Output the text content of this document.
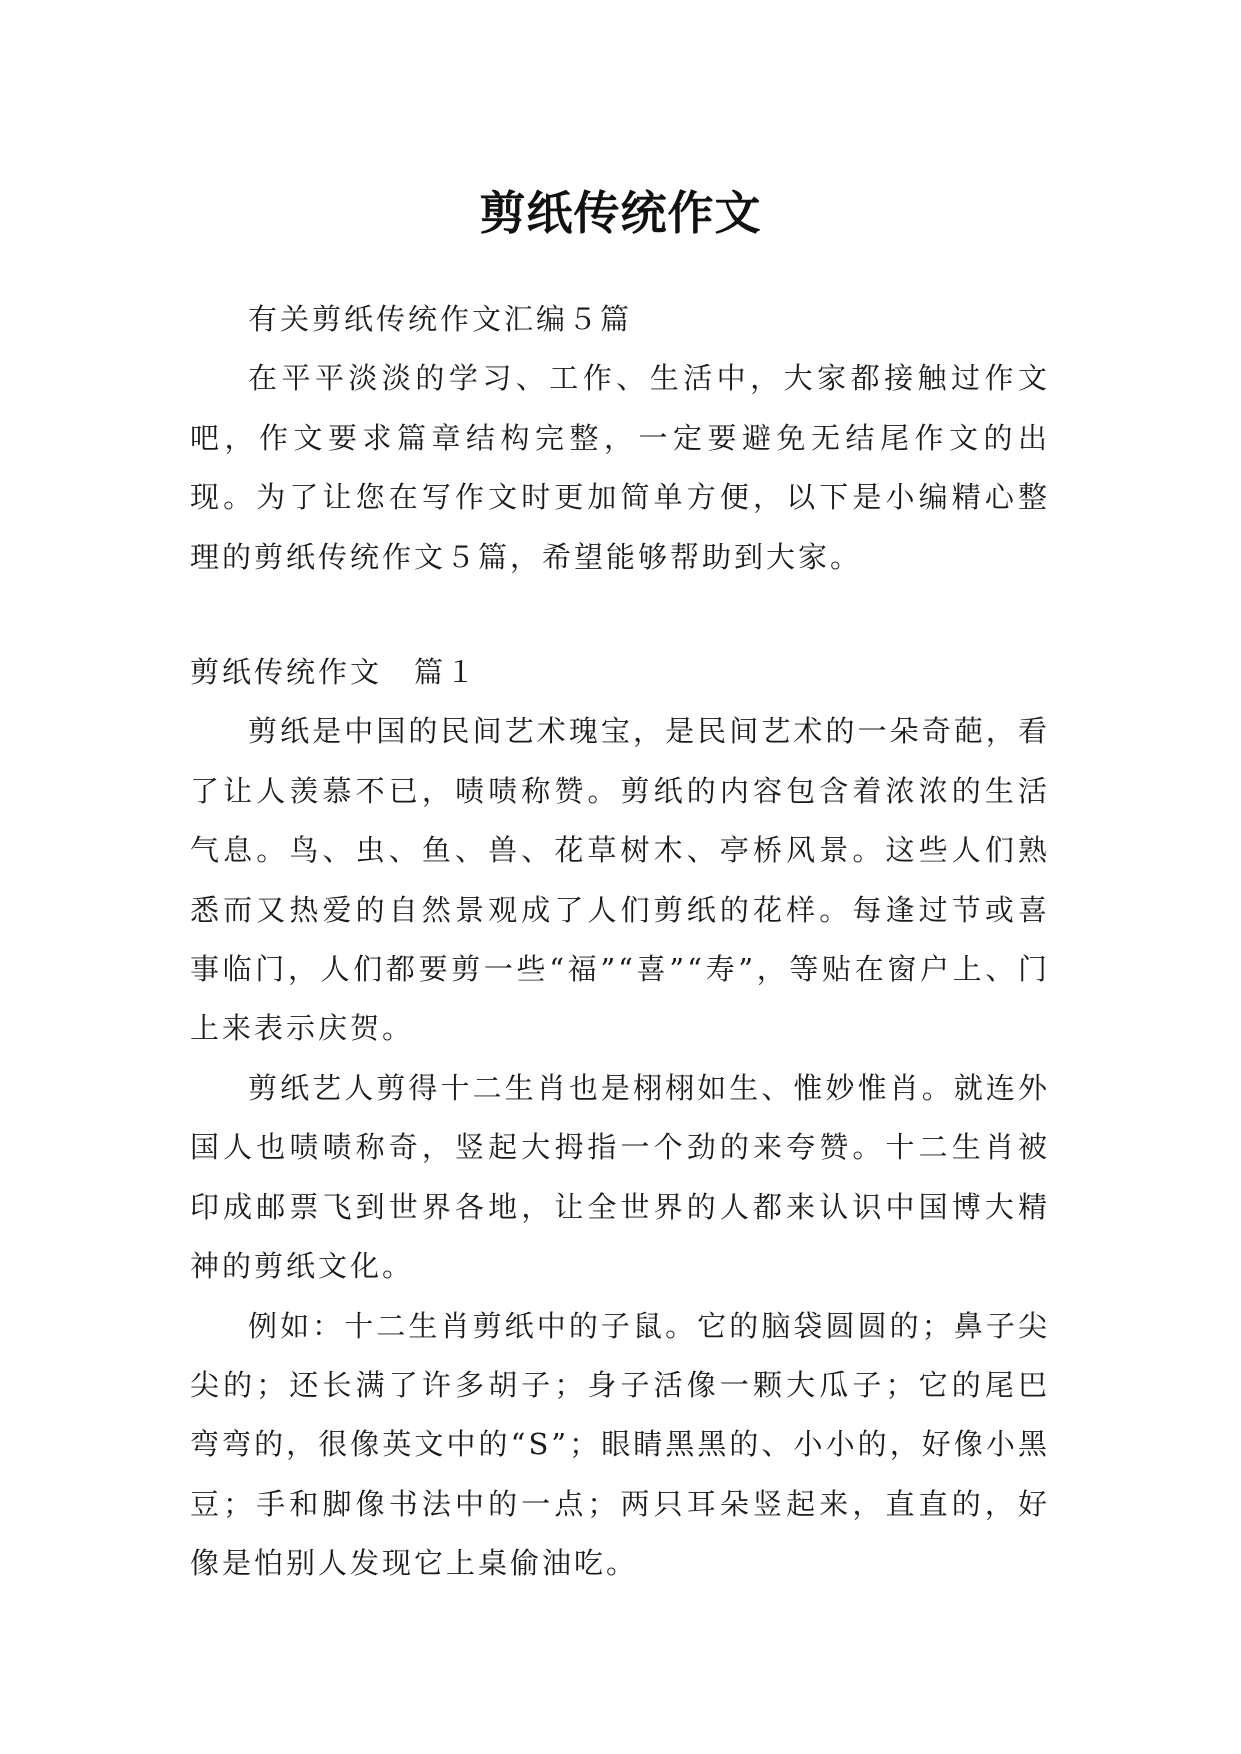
剪纸传统作文

有关剪纸传统作文汇编５篇

在平平淡淡的学习、工作、生活中，大家都接触过作文吧，作文要求篇章结构完整，一定要避免无结尾作文的出现。为了让您在写作文时更加简单方便，以下是小编精心整理的剪纸传统作文５篇，希望能够帮助到大家。

剪纸传统作文　篇１

剪纸是中国的民间艺术瑰宝，是民间艺术的一朵奇葩，看了让人羡慕不已，啧啧称赞。剪纸的内容包含着浓浓的生活气息。鸟、虫、鱼、兽、花草树木、亭桥风景。这些人们熟悉而又热爱的自然景观成了人们剪纸的花样。每逢过节或喜事临门，人们都要剪一些“福”“喜”“寿”，等贴在窗户上、门上来表示庆贺。

剪纸艺人剪得十二生肖也是栩栩如生、惟妙惟肖。就连外国人也啧啧称奇，竖起大拇指一个劲的来夸赞。十二生肖被印成邮票飞到世界各地，让全世界的人都来认识中国博大精神的剪纸文化。

例如：十二生肖剪纸中的子鼠。它的脑袋圆圆的；鼻子尖尖的；还长满了许多胡子；身子活像一颗大瓜子；它的尾巴弯弯的，很像英文中的“S”；眼睛黑黑的、小小的，好像小黑豆；手和脚像书法中的一点；两只耳朵竖起来，直直的，好像是怕别人发现它上桌偷油吃。
